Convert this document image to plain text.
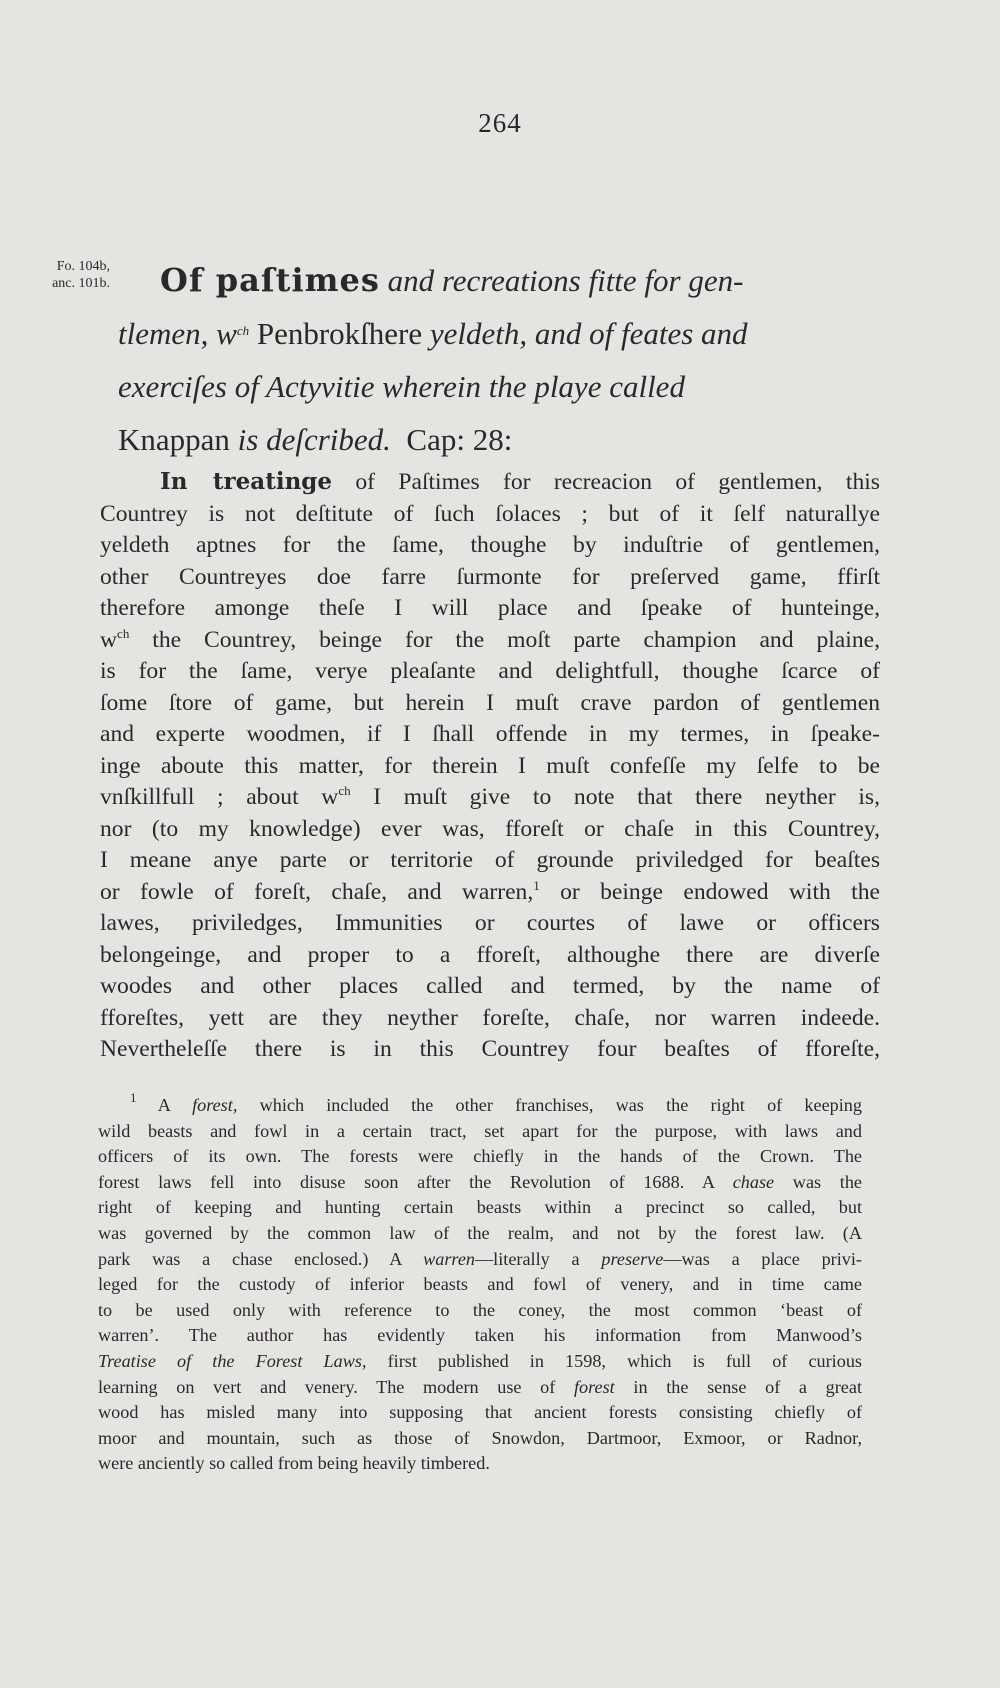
264
Fo. 104b,
anc. 101b.	Of paſtimes and recreations fitte for gen-
tlemen, $w^{ch}$ Penbrokſhere yeldeth, and of feates and
exerciſes of Actyvitie wherein the playe called
Knappan is deſcribed.  Cap: 28:
In treatinge of Paſtimes for recreacion of gentlemen, this
Countrey is not deſtitute of ſuch ſolaces ; but of it ſelf naturallye
yeldeth aptnes for the ſame, thoughe by induſtrie of gentlemen,
other Countreyes doe farre ſurmonte for preſerved game, ffirſt
therefore amonge theſe I will place and ſpeake of hunteinge,
$w^{ch}$ the Countrey, beinge for the moſt parte champion and plaine,
is for the ſame, verye pleaſante and delightfull, thoughe ſcarce of
ſome ſtore of game, but herein I muſt crave pardon of gentlemen
and experte woodmen, if I ſhall offende in my termes, in ſpeake-
inge aboute this matter, for therein I muſt confeſſe my ſelfe to be
vnſkillfull ; about $w^{ch}$ I muſt give to note that there neyther is,
nor (to my knowledge) ever was, fforeſt or chaſe in this Countrey,
I meane anye parte or territorie of grounde priviledged for beaſtes
or fowle of foreſt, chaſe, and warren,$^1$ or beinge endowed with the
lawes, priviledges, Immunities or courtes of lawe or officers
belongeinge, and proper to a fforeſt, althoughe there are diverſe
woodes and other places called and termed, by the name of
fforeſtes, yett are they neyther foreſte, chaſe, nor warren indeede.
Nevertheleſſe there is in this Countrey four beaſtes of fforeſte,
$^1$ A forest, which included the other franchises, was the right of keeping
wild beasts and fowl in a certain tract, set apart for the purpose, with laws and
officers of its own. The forests were chiefly in the hands of the Crown. The
forest laws fell into disuse soon after the Revolution of 1688. A chase was the
right of keeping and hunting certain beasts within a precinct so called, but
was governed by the common law of the realm, and not by the forest law. (A
park was a chase enclosed.) A warren—literally a preserve—was a place privi-
leged for the custody of inferior beasts and fowl of venery, and in time came
to be used only with reference to the coney, the most common ‘beast of
warren’. The author has evidently taken his information from Manwood’s
Treatise of the Forest Laws, first published in 1598, which is full of curious
learning on vert and venery. The modern use of forest in the sense of a great
wood has misled many into supposing that ancient forests consisting chiefly of
moor and mountain, such as those of Snowdon, Dartmoor, Exmoor, or Radnor,
were anciently so called from being heavily timbered.
